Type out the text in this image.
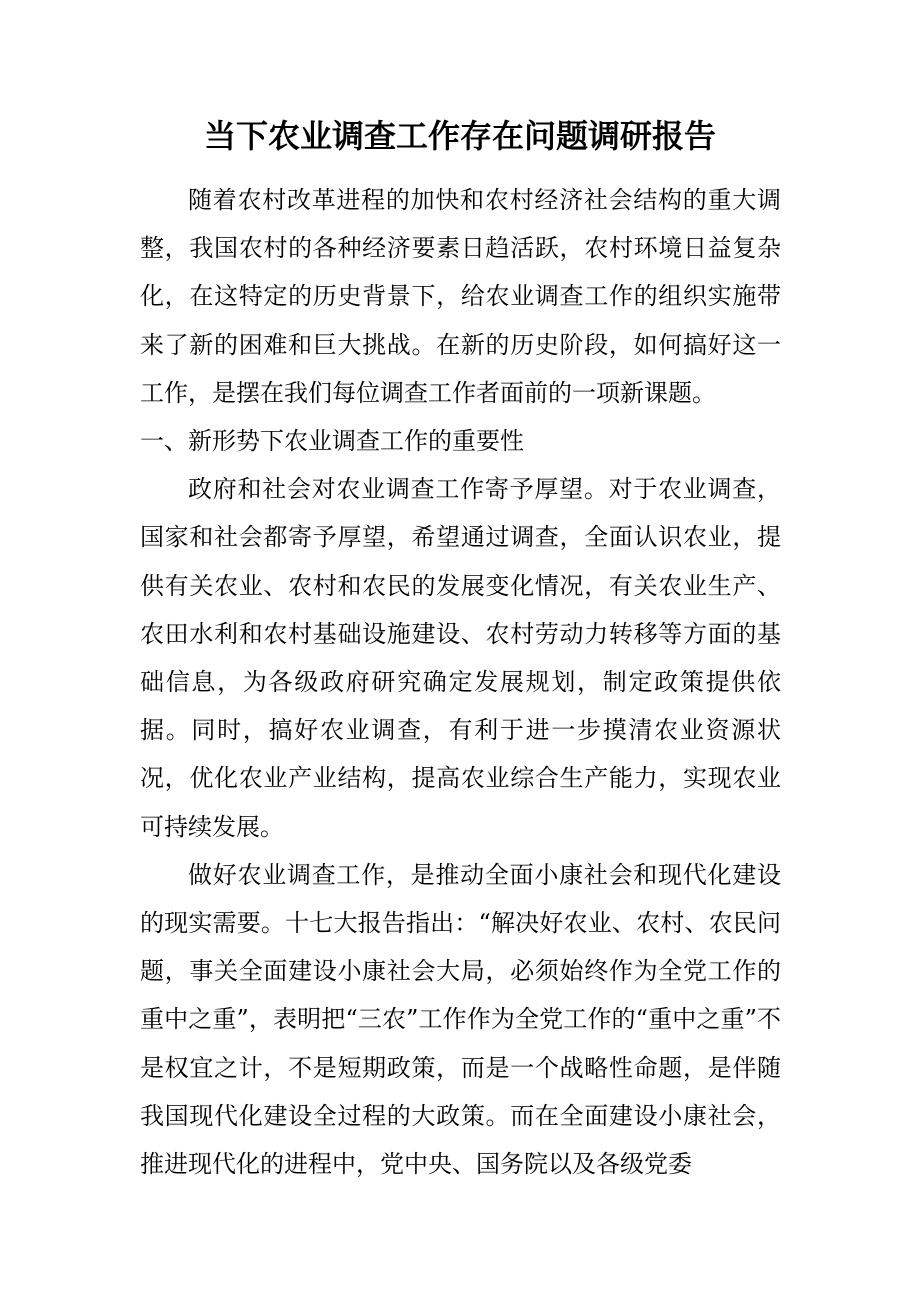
当下农业调查工作存在问题调研报告

随着农村改革进程的加快和农村经济社会结构的重大调整，我国农村的各种经济要素日趋活跃，农村环境日益复杂化，在这特定的历史背景下，给农业调查工作的组织实施带来了新的困难和巨大挑战。在新的历史阶段，如何搞好这一工作，是摆在我们每位调查工作者面前的一项新课题。

一、新形势下农业调查工作的重要性

政府和社会对农业调查工作寄予厚望。对于农业调查，国家和社会都寄予厚望，希望通过调查，全面认识农业，提供有关农业、农村和农民的发展变化情况，有关农业生产、农田水利和农村基础设施建设、农村劳动力转移等方面的基础信息，为各级政府研究确定发展规划，制定政策提供依据。同时，搞好农业调查，有利于进一步摸清农业资源状况，优化农业产业结构，提高农业综合生产能力，实现农业可持续发展。

做好农业调查工作，是推动全面小康社会和现代化建设的现实需要。十七大报告指出：“解决好农业、农村、农民问题，事关全面建设小康社会大局，必须始终作为全党工作的重中之重”，表明把“三农”工作作为全党工作的“重中之重”不是权宜之计，不是短期政策，而是一个战略性命题，是伴随我国现代化建设全过程的大政策。而在全面建设小康社会，推进现代化的进程中，党中央、国务院以及各级党委
